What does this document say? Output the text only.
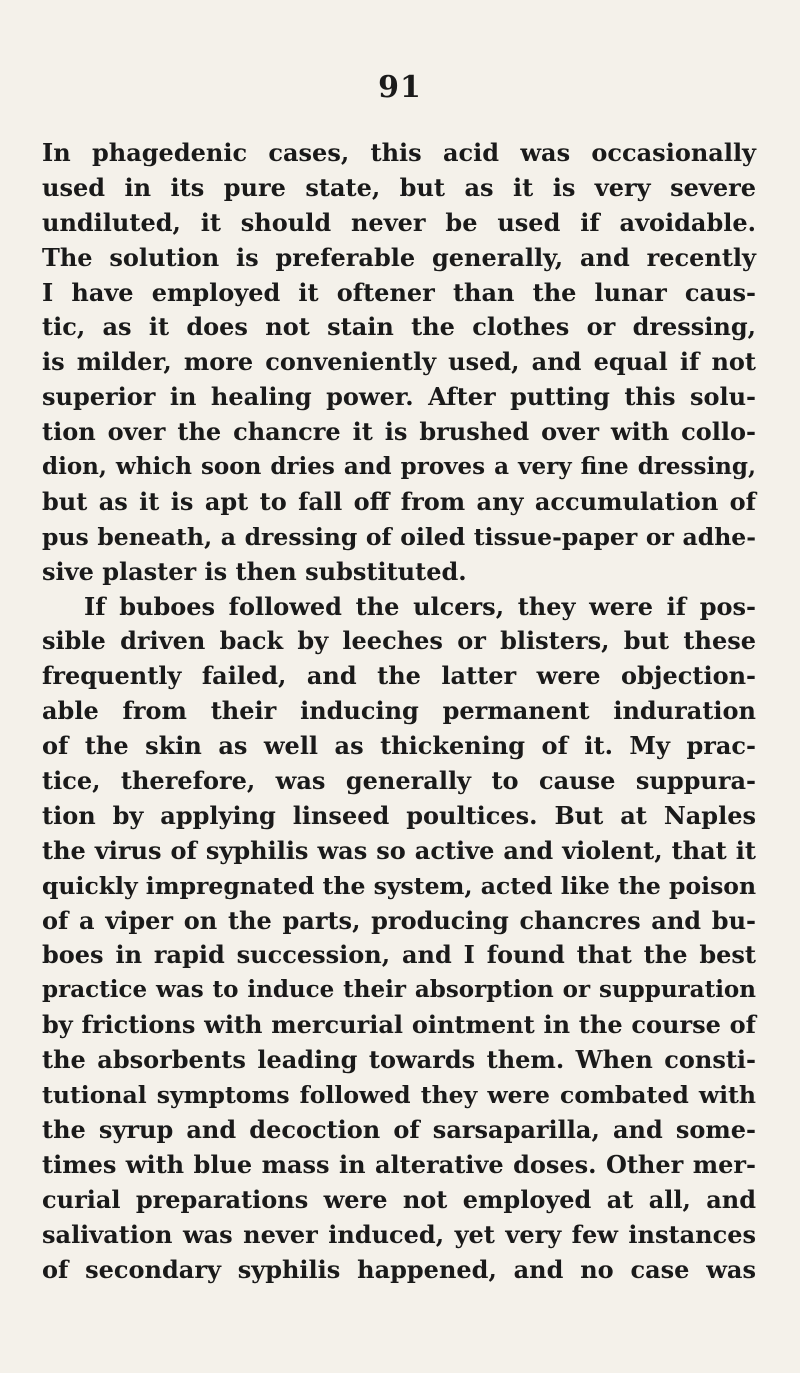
91
In phagedenic cases, this acid was occasionally
used in its pure state, but as it is very severe
undiluted, it should never be used if avoidable.
The solution is preferable generally, and recently
I have employed it oftener than the lunar caus-
tic, as it does not stain the clothes or dressing,
is milder, more conveniently used, and equal if not
superior in healing power. After putting this solu-
tion over the chancre it is brushed over with collo-
dion, which soon dries and proves a very fine dressing,
but as it is apt to fall off from any accumulation of
pus beneath, a dressing of oiled tissue-paper or adhe-
sive plaster is then substituted.
If buboes followed the ulcers, they were if pos-
sible driven back by leeches or blisters, but these
frequently failed, and the latter were objection-
able from their inducing permanent induration
of the skin as well as thickening of it. My prac-
tice, therefore, was generally to cause suppura-
tion by applying linseed poultices. But at Naples
the virus of syphilis was so active and violent, that it
quickly impregnated the system, acted like the poison
of a viper on the parts, producing chancres and bu-
boes in rapid succession, and I found that the best
practice was to induce their absorption or suppuration
by frictions with mercurial ointment in the course of
the absorbents leading towards them. When consti-
tutional symptoms followed they were combated with
the syrup and decoction of sarsaparilla, and some-
times with blue mass in alterative doses. Other mer-
curial preparations were not employed at all, and
salivation was never induced, yet very few instances
of secondary syphilis happened, and no case was
